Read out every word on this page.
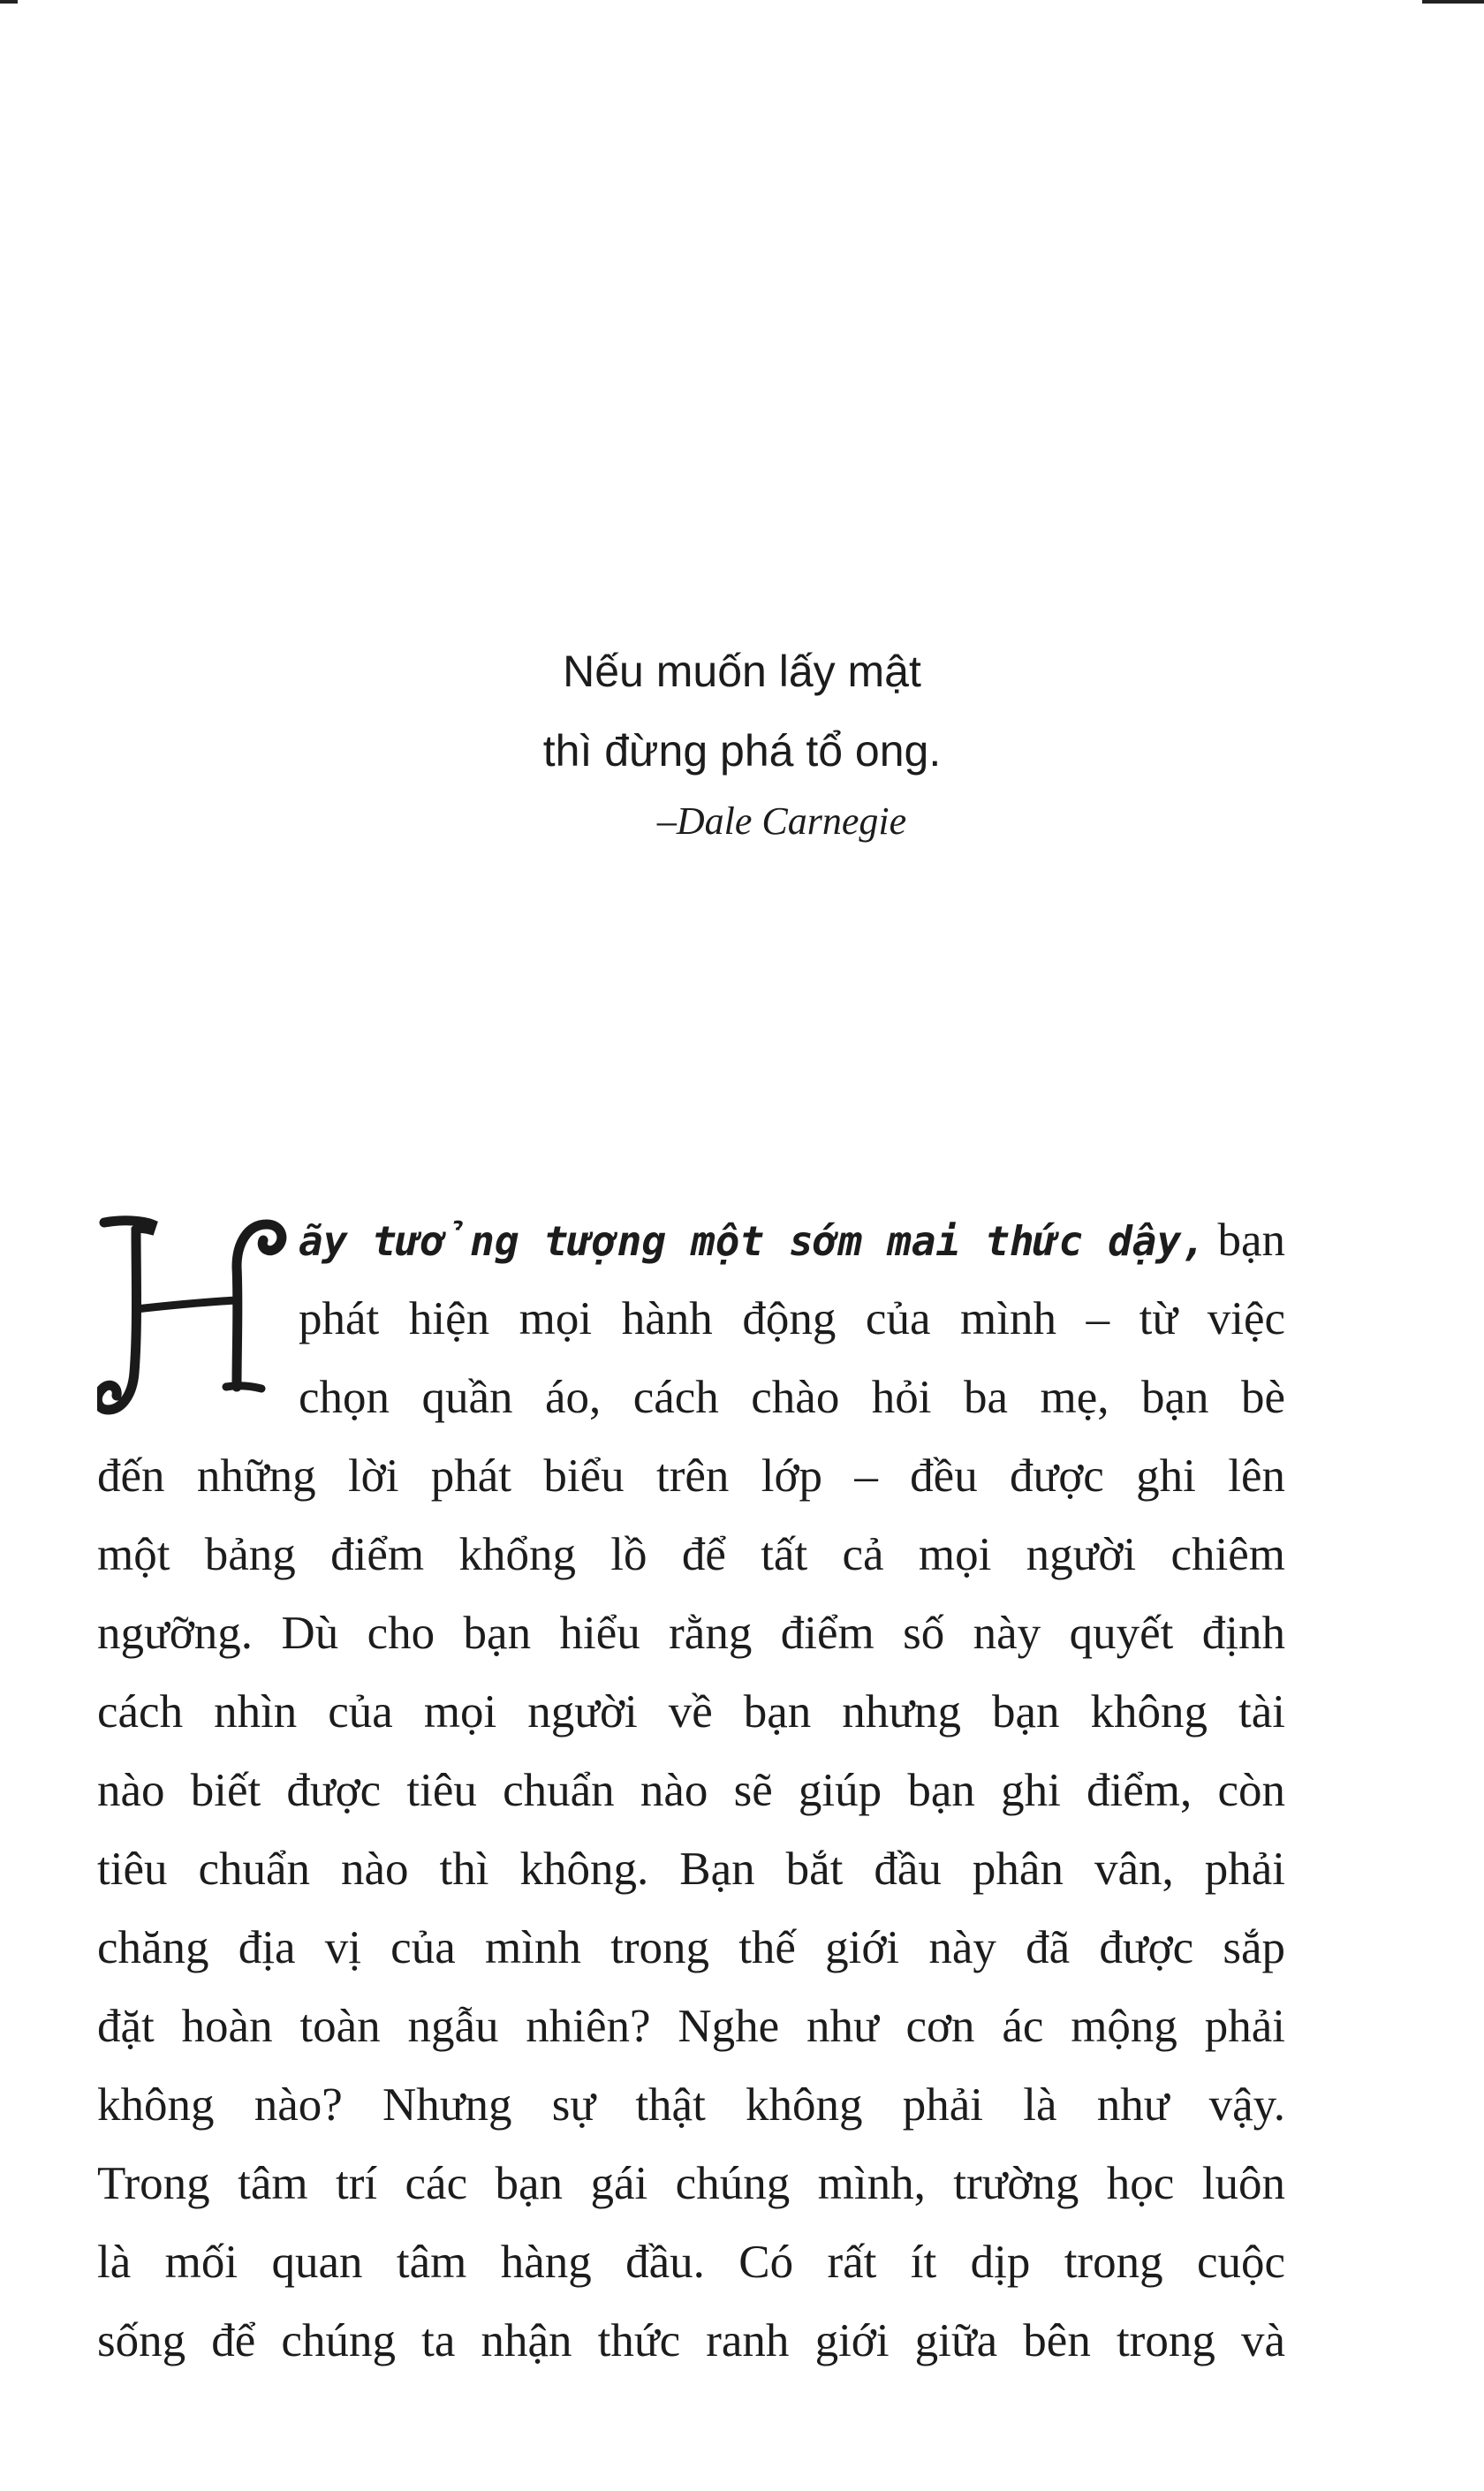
Nếu muốn lấy mật
thì đừng phá tổ ong.
–Dale Carnegie
ãy tưởng tượng một sớm mai thức dậy, bạn
phát hiện mọi hành động của mình – từ việc
chọn quần áo, cách chào hỏi ba mẹ, bạn bè
đến những lời phát biểu trên lớp – đều được ghi lên
một bảng điểm khổng lồ để tất cả mọi người chiêm
ngưỡng. Dù cho bạn hiểu rằng điểm số này quyết định
cách nhìn của mọi người về bạn nhưng bạn không tài
nào biết được tiêu chuẩn nào sẽ giúp bạn ghi điểm, còn
tiêu chuẩn nào thì không. Bạn bắt đầu phân vân, phải
chăng địa vị của mình trong thế giới này đã được sắp
đặt hoàn toàn ngẫu nhiên? Nghe như cơn ác mộng phải
không nào? Nhưng sự thật không phải là như vậy.
Trong tâm trí các bạn gái chúng mình, trường học luôn
là mối quan tâm hàng đầu. Có rất ít dịp trong cuộc
sống để chúng ta nhận thức ranh giới giữa bên trong và
